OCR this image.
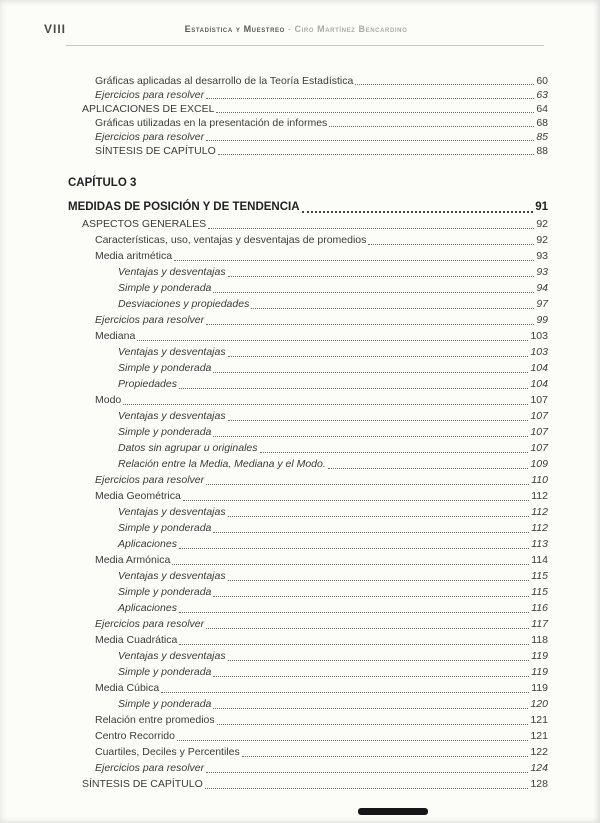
VIII	Estadística y Muestreo - Ciro Martínez Bencardino
Gráficas aplicadas al desarrollo de la Teoría Estadística	60
Ejercicios para resolver	63
APLICACIONES DE EXCEL	64
Gráficas utilizadas en la presentación de informes	68
Ejercicios para resolver	85
SÍNTESIS DE CAPÍTULO	88
CAPÍTULO 3
MEDIDAS DE POSICIÓN Y DE TENDENCIA	91
ASPECTOS GENERALES	92
Características, uso, ventajas y desventajas de promedios	92
Media aritmética	93
Ventajas y desventajas	93
Simple y ponderada	94
Desviaciones y propiedades	97
Ejercicios para resolver	99
Mediana	103
Ventajas y desventajas	103
Simple y ponderada	104
Propiedades	104
Modo	107
Ventajas y desventajas	107
Simple y ponderada	107
Datos sin agrupar u originales	107
Relación entre la Media, Mediana y el Modo.	109
Ejercicios para resolver	110
Media Geométrica	112
Ventajas y desventajas	112
Simple y ponderada	112
Aplicaciones	113
Media Armónica	114
Ventajas y desventajas	115
Simple y ponderada	115
Aplicaciones	116
Ejercicios para resolver	117
Media Cuadrática	118
Ventajas y desventajas	119
Simple y ponderada	119
Media Cúbica	119
Simple y ponderada	120
Relación entre promedios	121
Centro Recorrido	121
Cuartiles, Deciles y Percentiles	122
Ejercicios para resolver	124
SÍNTESIS DE CAPÍTULO	128
